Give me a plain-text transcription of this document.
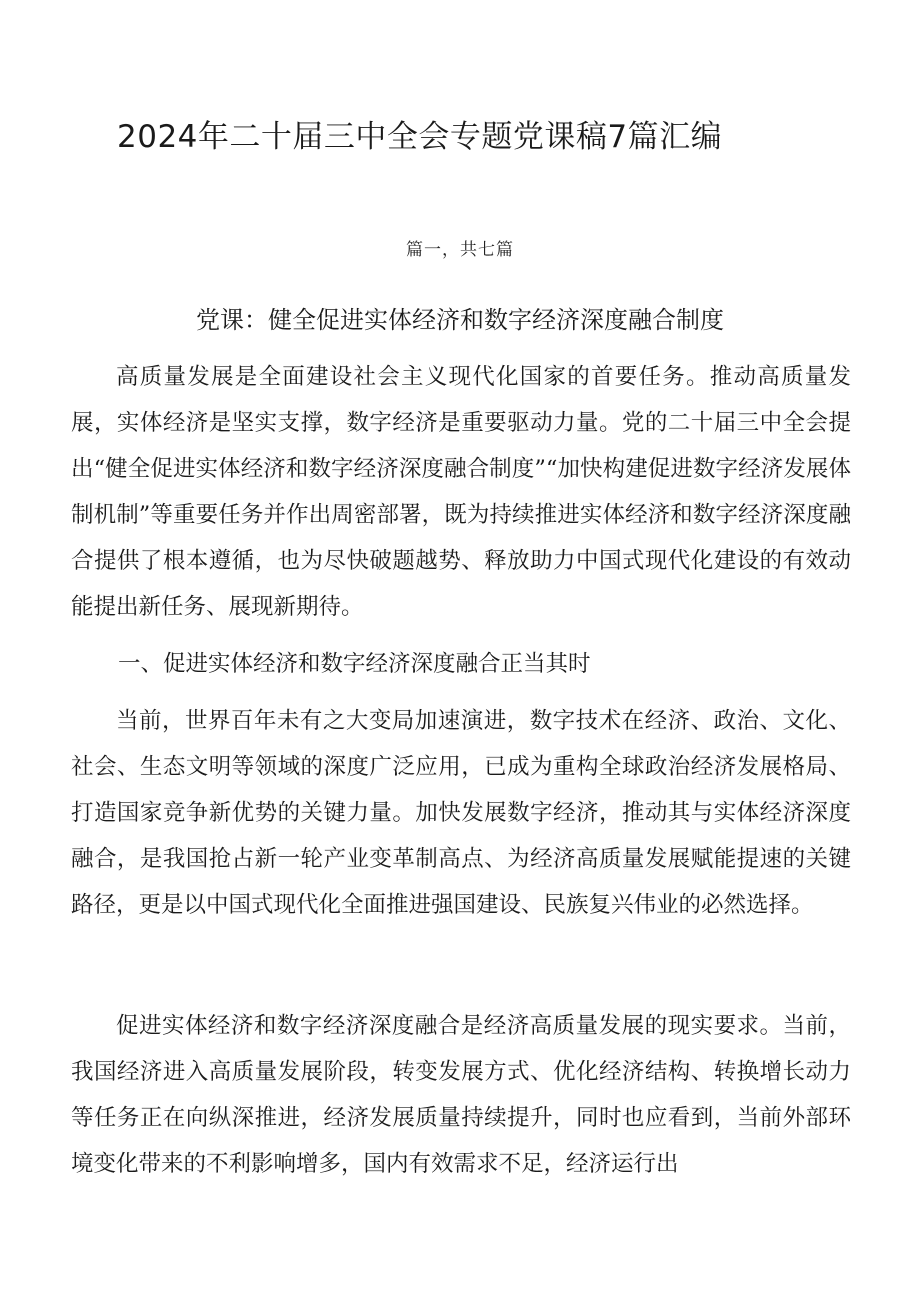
2024年二十届三中全会专题党课稿7篇汇编
篇一，共七篇
党课：健全促进实体经济和数字经济深度融合制度

高质量发展是全面建设社会主义现代化国家的首要任务。推动高质量发展，实体经济是坚实支撑，数字经济是重要驱动力量。党的二十届三中全会提出“健全促进实体经济和数字经济深度融合制度”“加快构建促进数字经济发展体制机制”等重要任务并作出周密部署，既为持续推进实体经济和数字经济深度融合提供了根本遵循，也为尽快破题越势、释放助力中国式现代化建设的有效动能提出新任务、展现新期待。

一、促进实体经济和数字经济深度融合正当其时

当前，世界百年未有之大变局加速演进，数字技术在经济、政治、文化、社会、生态文明等领域的深度广泛应用，已成为重构全球政治经济发展格局、打造国家竞争新优势的关键力量。加快发展数字经济，推动其与实体经济深度融合，是我国抢占新一轮产业变革制高点、为经济高质量发展赋能提速的关键路径，更是以中国式现代化全面推进强国建设、民族复兴伟业的必然选择。

促进实体经济和数字经济深度融合是经济高质量发展的现实要求。当前，我国经济进入高质量发展阶段，转变发展方式、优化经济结构、转换增长动力等任务正在向纵深推进，经济发展质量持续提升，同时也应看到，当前外部环境变化带来的不利影响增多，国内有效需求不足，经济运行出
